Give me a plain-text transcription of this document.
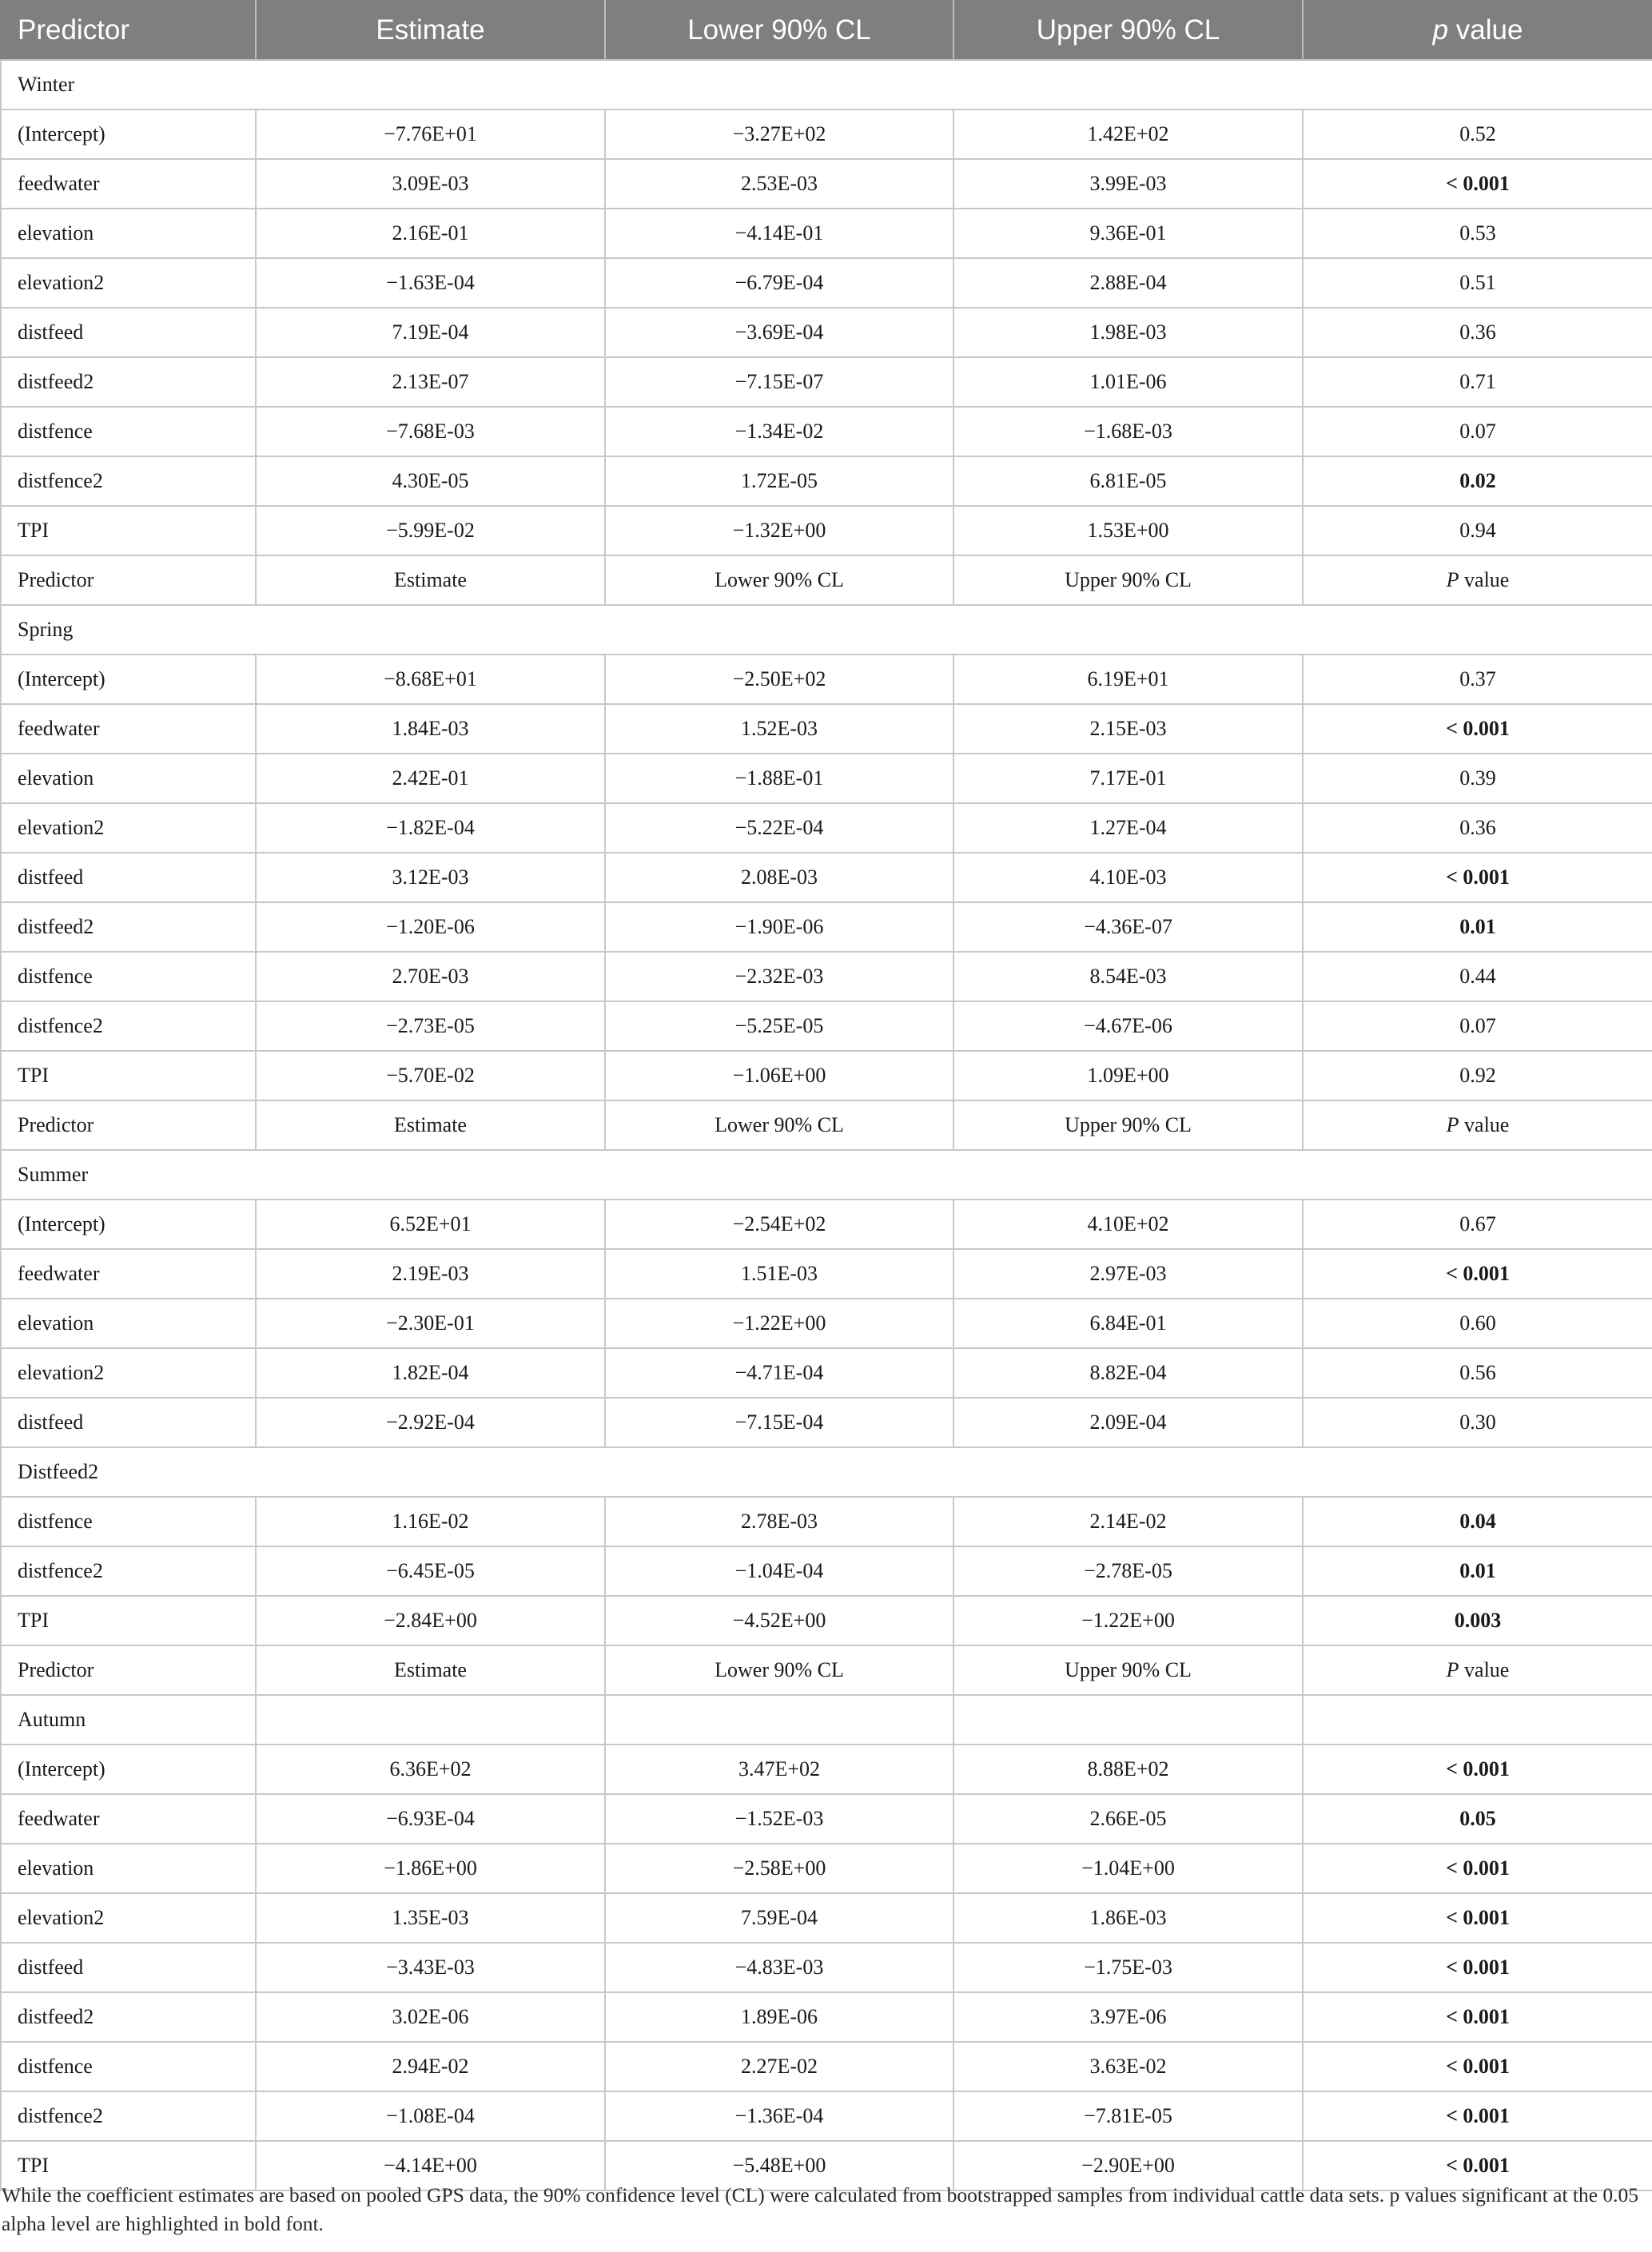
Predictor	Estimate	Lower 90% CL	Upper 90% CL	p value
Winter				
(Intercept)	−7.76E+01	−3.27E+02	1.42E+02	0.52
feedwater	3.09E-03	2.53E-03	3.99E-03	< 0.001
elevation	2.16E-01	−4.14E-01	9.36E-01	0.53
elevation2	−1.63E-04	−6.79E-04	2.88E-04	0.51
distfeed	7.19E-04	−3.69E-04	1.98E-03	0.36
distfeed2	2.13E-07	−7.15E-07	1.01E-06	0.71
distfence	−7.68E-03	−1.34E-02	−1.68E-03	0.07
distfence2	4.30E-05	1.72E-05	6.81E-05	0.02
TPI	−5.99E-02	−1.32E+00	1.53E+00	0.94
Predictor	Estimate	Lower 90% CL	Upper 90% CL	P value
Spring				
(Intercept)	−8.68E+01	−2.50E+02	6.19E+01	0.37
feedwater	1.84E-03	1.52E-03	2.15E-03	< 0.001
elevation	2.42E-01	−1.88E-01	7.17E-01	0.39
elevation2	−1.82E-04	−5.22E-04	1.27E-04	0.36
distfeed	3.12E-03	2.08E-03	4.10E-03	< 0.001
distfeed2	−1.20E-06	−1.90E-06	−4.36E-07	0.01
distfence	2.70E-03	−2.32E-03	8.54E-03	0.44
distfence2	−2.73E-05	−5.25E-05	−4.67E-06	0.07
TPI	−5.70E-02	−1.06E+00	1.09E+00	0.92
Predictor	Estimate	Lower 90% CL	Upper 90% CL	P value
Summer				
(Intercept)	6.52E+01	−2.54E+02	4.10E+02	0.67
feedwater	2.19E-03	1.51E-03	2.97E-03	< 0.001
elevation	−2.30E-01	−1.22E+00	6.84E-01	0.60
elevation2	1.82E-04	−4.71E-04	8.82E-04	0.56
distfeed	−2.92E-04	−7.15E-04	2.09E-04	0.30
Distfeed2				
distfence	1.16E-02	2.78E-03	2.14E-02	0.04
distfence2	−6.45E-05	−1.04E-04	−2.78E-05	0.01
TPI	−2.84E+00	−4.52E+00	−1.22E+00	0.003
Predictor	Estimate	Lower 90% CL	Upper 90% CL	P value
Autumn				
(Intercept)	6.36E+02	3.47E+02	8.88E+02	< 0.001
feedwater	−6.93E-04	−1.52E-03	2.66E-05	0.05
elevation	−1.86E+00	−2.58E+00	−1.04E+00	< 0.001
elevation2	1.35E-03	7.59E-04	1.86E-03	< 0.001
distfeed	−3.43E-03	−4.83E-03	−1.75E-03	< 0.001
distfeed2	3.02E-06	1.89E-06	3.97E-06	< 0.001
distfence	2.94E-02	2.27E-02	3.63E-02	< 0.001
distfence2	−1.08E-04	−1.36E-04	−7.81E-05	< 0.001
TPI	−4.14E+00	−5.48E+00	−2.90E+00	< 0.001
While the coefficient estimates are based on pooled GPS data, the 90% confidence level (CL) were calculated from bootstrapped samples from individual cattle data sets. p values significant at the 0.05 alpha level are highlighted in bold font.
